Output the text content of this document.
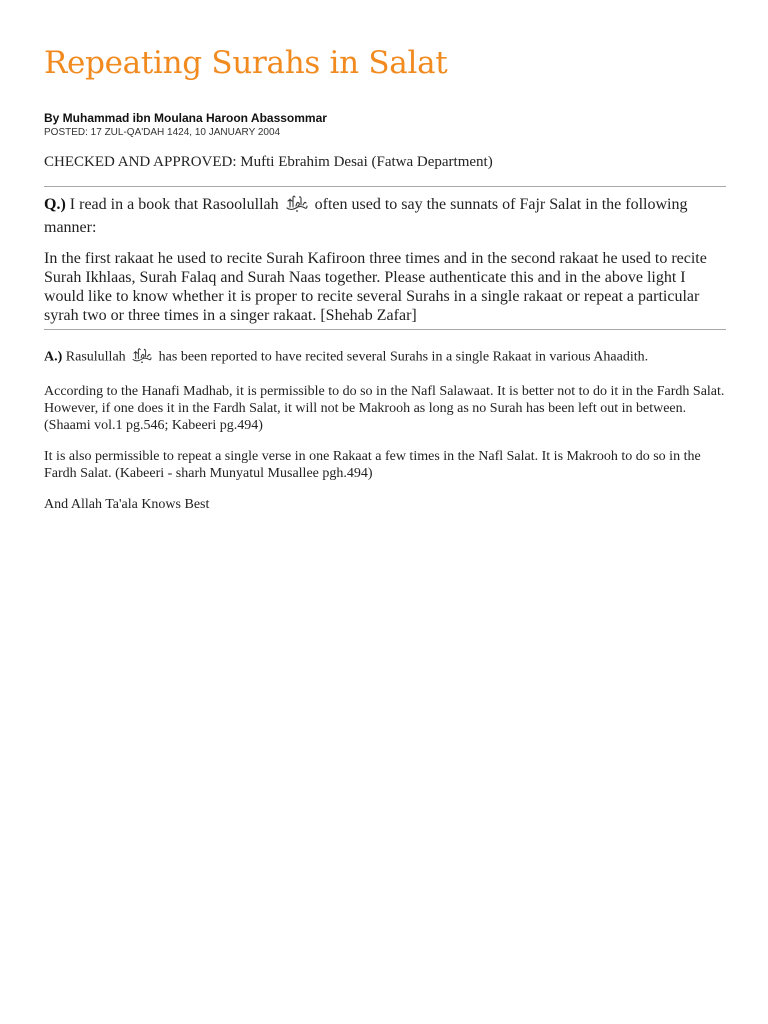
Repeating Surahs in Salat
By Muhammad ibn Moulana Haroon Abassommar
POSTED: 17 ZUL-QA'DAH 1424, 10 JANUARY 2004
CHECKED AND APPROVED: Mufti Ebrahim Desai (Fatwa Department)

Q.) I read in a book that Rasoolullah often used to say the sunnats of Fajr Salat in the following manner:

In the first rakaat he used to recite Surah Kafiroon three times and in the second rakaat he used to recite Surah Ikhlaas, Surah Falaq and Surah Naas together. Please authenticate this and in the above light I would like to know whether it is proper to recite several Surahs in a single rakaat or repeat a particular syrah two or three times in a singer rakaat. [Shehab Zafar]

A.) Rasulullah has been reported to have recited several Surahs in a single Rakaat in various Ahaadith.

According to the Hanafi Madhab, it is permissible to do so in the Nafl Salawaat. It is better not to do it in the Fardh Salat. However, if one does it in the Fardh Salat, it will not be Makrooh as long as no Surah has been left out in between. (Shaami vol.1 pg.546; Kabeeri pg.494)

It is also permissible to repeat a single verse in one Rakaat a few times in the Nafl Salat. It is Makrooh to do so in the Fardh Salat. (Kabeeri - sharh Munyatul Musallee pgh.494)

And Allah Ta'ala Knows Best
